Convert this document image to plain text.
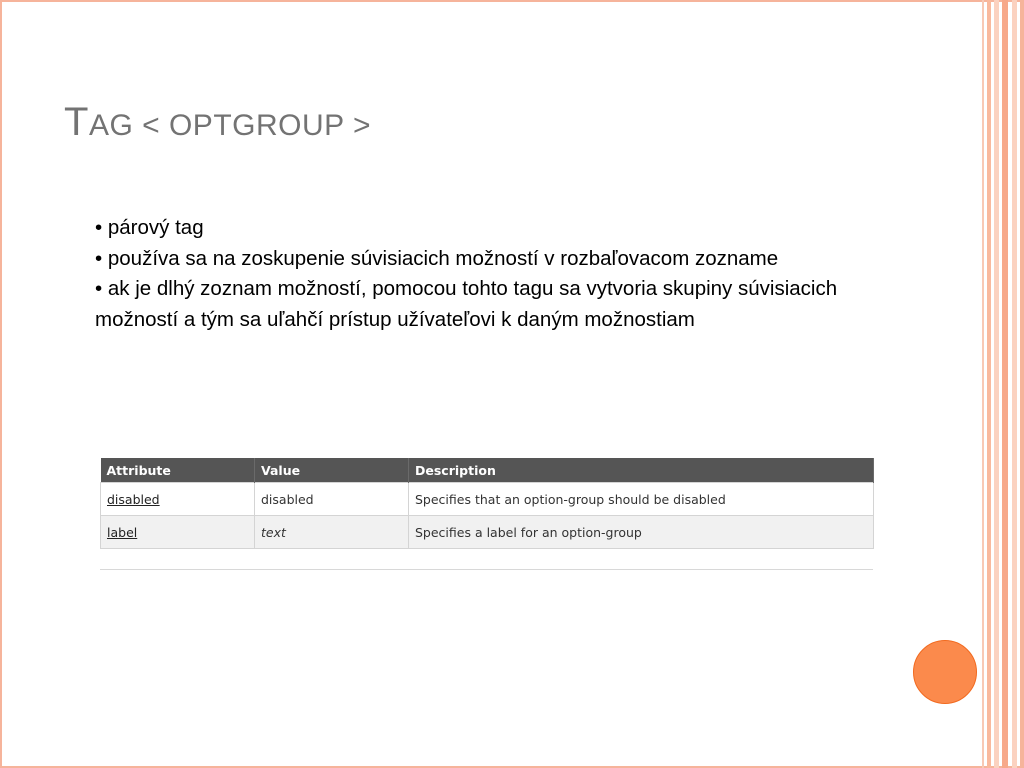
TAG < OPTGROUP >
• párový tag
• používa sa na zoskupenie súvisiacich možností v rozbaľovacom zozname
• ak je dlhý zoznam možností, pomocou tohto tagu sa vytvoria skupiny súvisiacich možností a tým sa uľahčí prístup užívateľovi k daným možnostiam
Attribute	Value	Description
disabled	disabled	Specifies that an option-group should be disabled
label	text	Specifies a label for an option-group
